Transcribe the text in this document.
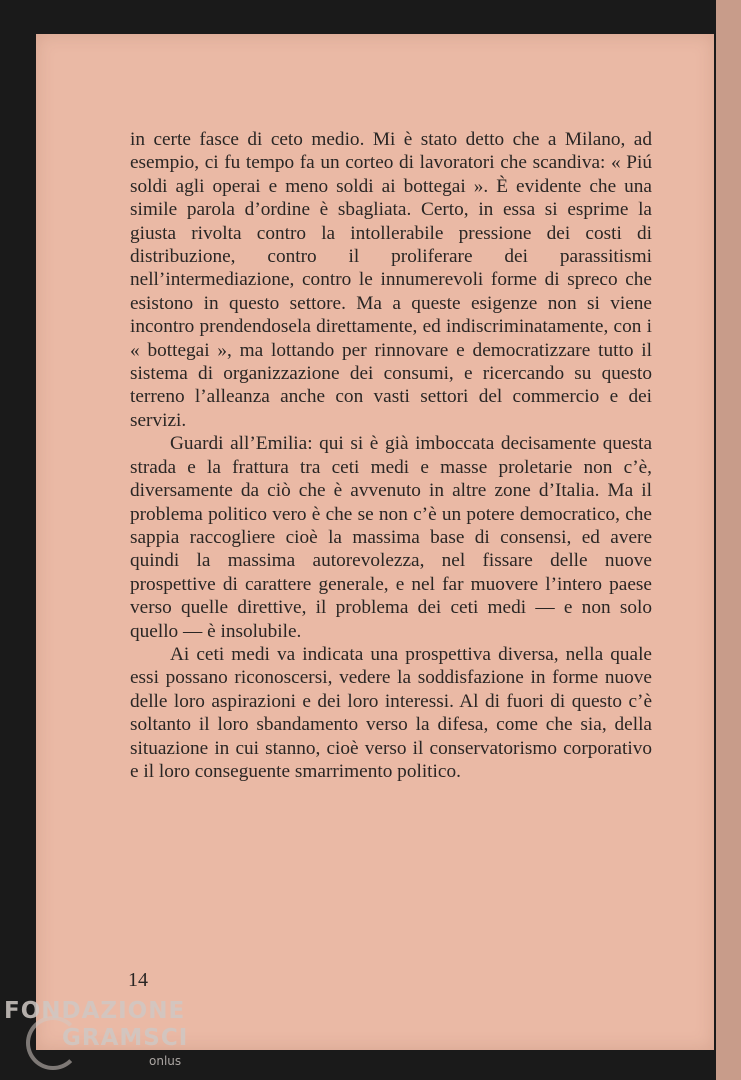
in certe fasce di ceto medio. Mi è stato detto che a Milano, ad esempio, ci fu tempo fa un corteo di lavoratori che scandiva: « Piú soldi agli operai e meno soldi ai bottegai ». È evidente che una simile parola d’ordine è sbagliata. Certo, in essa si esprime la giusta rivolta contro la intollerabile pressione dei costi di distribuzione, contro il proliferare dei parassitismi nell’intermediazione, contro le innumerevoli forme di spreco che esistono in questo settore. Ma a queste esigenze non si viene incontro prendendosela direttamente, ed indiscriminatamente, con i « bottegai », ma lottando per rinnovare e democratizzare tutto il sistema di organizzazione dei consumi, e ricercando su questo terreno l’alleanza anche con vasti settori del commercio e dei servizi.

Guardi all’Emilia: qui si è già imboccata decisamente questa strada e la frattura tra ceti medi e masse proletarie non c’è, diversamente da ciò che è avvenuto in altre zone d’Italia. Ma il problema politico vero è che se non c’è un potere democratico, che sappia raccogliere cioè la massima base di consensi, ed avere quindi la massima autorevolezza, nel fissare delle nuove prospettive di carattere generale, e nel far muovere l’intero paese verso quelle direttive, il problema dei ceti medi — e non solo quello — è insolubile.

Ai ceti medi va indicata una prospettiva diversa, nella quale essi possano riconoscersi, vedere la soddisfazione in forme nuove delle loro aspirazioni e dei loro interessi. Al di fuori di questo c’è soltanto il loro sbandamento verso la difesa, come che sia, della situazione in cui stanno, cioè verso il conservatorismo corporativo e il loro conseguente smarrimento politico.

14
FONDAZIONE
GRAMSCI
onlus
